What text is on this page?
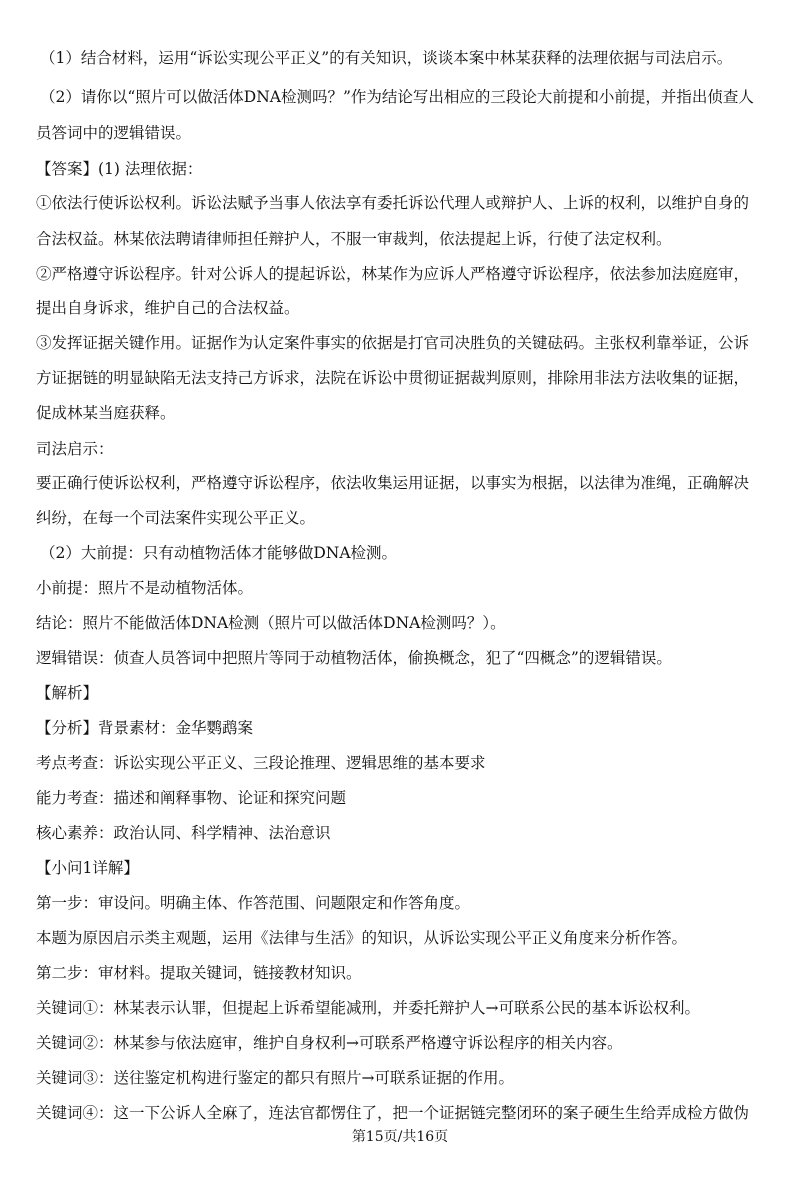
（1）结合材料，运用“诉讼实现公平正义”的有关知识，谈谈本案中林某获释的法理依据与司法启示。
（2）请你以“照片可以做活体DNA检测吗？”作为结论写出相应的三段论大前提和小前提，并指出侦查人
员答词中的逻辑错误。
【答案】(1) 法理依据：
①依法行使诉讼权利。诉讼法赋予当事人依法享有委托诉讼代理人或辩护人、上诉的权利，以维护自身的
合法权益。林某依法聘请律师担任辩护人，不服一审裁判，依法提起上诉，行使了法定权利。
②严格遵守诉讼程序。针对公诉人的提起诉讼，林某作为应诉人严格遵守诉讼程序，依法参加法庭庭审，
提出自身诉求，维护自己的合法权益。
③发挥证据关键作用。证据作为认定案件事实的依据是打官司决胜负的关键砝码。主张权利靠举证，公诉
方证据链的明显缺陷无法支持己方诉求，法院在诉讼中贯彻证据裁判原则，排除用非法方法收集的证据，
促成林某当庭获释。
司法启示：
要正确行使诉讼权利，严格遵守诉讼程序，依法收集运用证据，以事实为根据，以法律为准绳，正确解决
纠纷，在每一个司法案件实现公平正义。
（2）大前提：只有动植物活体才能够做DNA检测。
小前提：照片不是动植物活体。
结论：照片不能做活体DNA检测（照片可以做活体DNA检测吗？）。
逻辑错误：侦查人员答词中把照片等同于动植物活体，偷换概念，犯了“四概念”的逻辑错误。
【解析】
【分析】背景素材：金华鹦鹉案
考点考查：诉讼实现公平正义、三段论推理、逻辑思维的基本要求
能力考查：描述和阐释事物、论证和探究问题
核心素养：政治认同、科学精神、法治意识
【小问1详解】
第一步：审设问。明确主体、作答范围、问题限定和作答角度。
本题为原因启示类主观题，运用《法律与生活》的知识，从诉讼实现公平正义角度来分析作答。
第二步：审材料。提取关键词，链接教材知识。
关键词①：林某表示认罪，但提起上诉希望能减刑，并委托辩护人→可联系公民的基本诉讼权利。
关键词②：林某参与依法庭审，维护自身权利→可联系严格遵守诉讼程序的相关内容。
关键词③：送往鉴定机构进行鉴定的都只有照片→可联系证据的作用。
关键词④：这一下公诉人全麻了，连法官都愣住了，把一个证据链完整闭环的案子硬生生给弄成检方做伪
第15页/共16页
